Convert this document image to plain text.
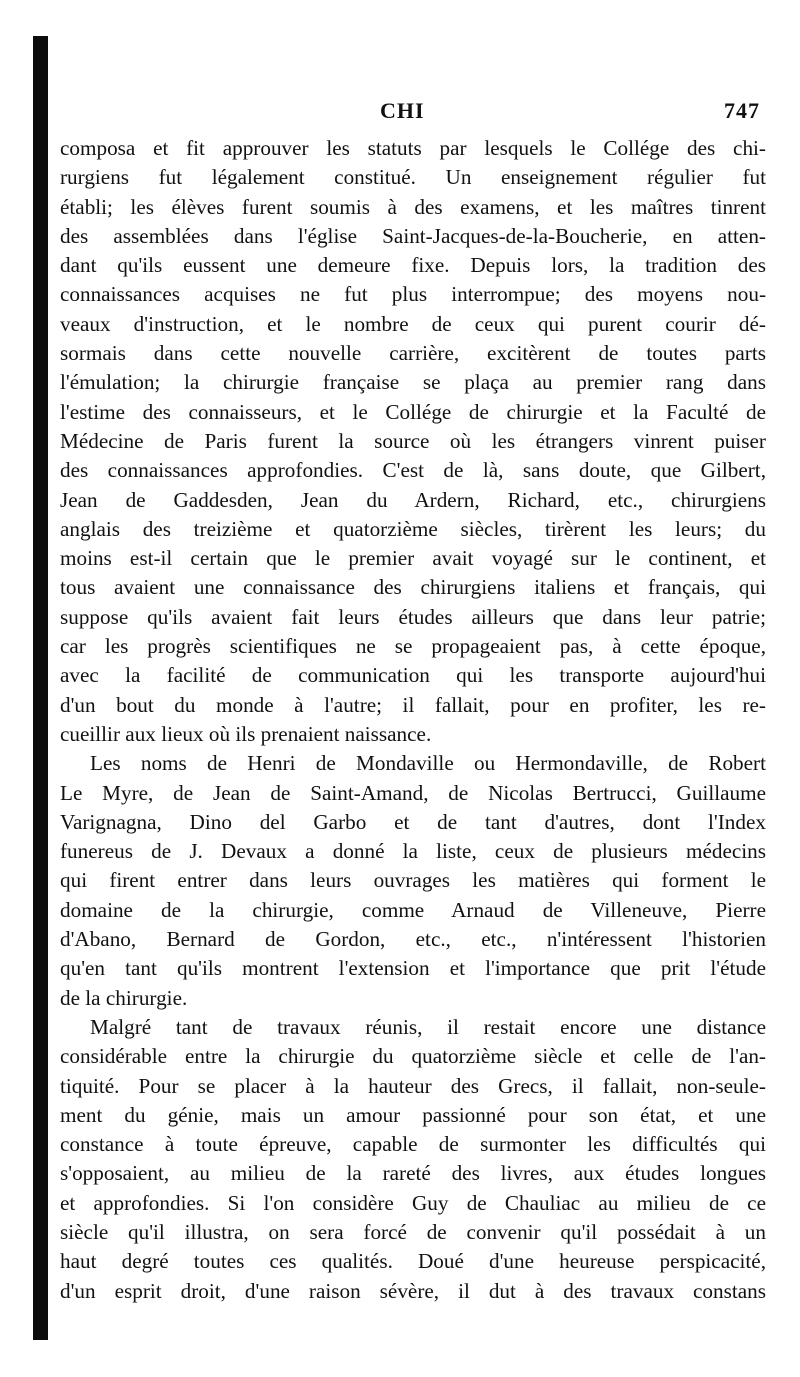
CHI	747
composa et fit approuver les statuts par lesquels le Collége des chi-
rurgiens fut légalement constitué. Un enseignement régulier fut
établi; les élèves furent soumis à des examens, et les maîtres tinrent
des assemblées dans l'église Saint-Jacques-de-la-Boucherie, en atten-
dant qu'ils eussent une demeure fixe. Depuis lors, la tradition des
connaissances acquises ne fut plus interrompue; des moyens nou-
veaux d'instruction, et le nombre de ceux qui purent courir dé-
sormais dans cette nouvelle carrière, excitèrent de toutes parts
l'émulation; la chirurgie française se plaça au premier rang dans
l'estime des connaisseurs, et le Collége de chirurgie et la Faculté de
Médecine de Paris furent la source où les étrangers vinrent puiser
des connaissances approfondies. C'est de là, sans doute, que Gilbert,
Jean de Gaddesden, Jean du Ardern, Richard, etc., chirurgiens
anglais des treizième et quatorzième siècles, tirèrent les leurs; du
moins est-il certain que le premier avait voyagé sur le continent, et
tous avaient une connaissance des chirurgiens italiens et français, qui
suppose qu'ils avaient fait leurs études ailleurs que dans leur patrie;
car les progrès scientifiques ne se propageaient pas, à cette époque,
avec la facilité de communication qui les transporte aujourd'hui
d'un bout du monde à l'autre; il fallait, pour en profiter, les re-
cueillir aux lieux où ils prenaient naissance.
Les noms de Henri de Mondaville ou Hermondaville, de Robert
Le Myre, de Jean de Saint-Amand, de Nicolas Bertrucci, Guillaume
Varignagna, Dino del Garbo et de tant d'autres, dont l'Index
funereus de J. Devaux a donné la liste, ceux de plusieurs médecins
qui firent entrer dans leurs ouvrages les matières qui forment le
domaine de la chirurgie, comme Arnaud de Villeneuve, Pierre
d'Abano, Bernard de Gordon, etc., etc., n'intéressent l'historien
qu'en tant qu'ils montrent l'extension et l'importance que prit l'étude
de la chirurgie.
Malgré tant de travaux réunis, il restait encore une distance
considérable entre la chirurgie du quatorzième siècle et celle de l'an-
tiquité. Pour se placer à la hauteur des Grecs, il fallait, non-seule-
ment du génie, mais un amour passionné pour son état, et une
constance à toute épreuve, capable de surmonter les difficultés qui
s'opposaient, au milieu de la rareté des livres, aux études longues
et approfondies. Si l'on considère Guy de Chauliac au milieu de ce
siècle qu'il illustra, on sera forcé de convenir qu'il possédait à un
haut degré toutes ces qualités. Doué d'une heureuse perspicacité,
d'un esprit droit, d'une raison sévère, il dut à des travaux constans
